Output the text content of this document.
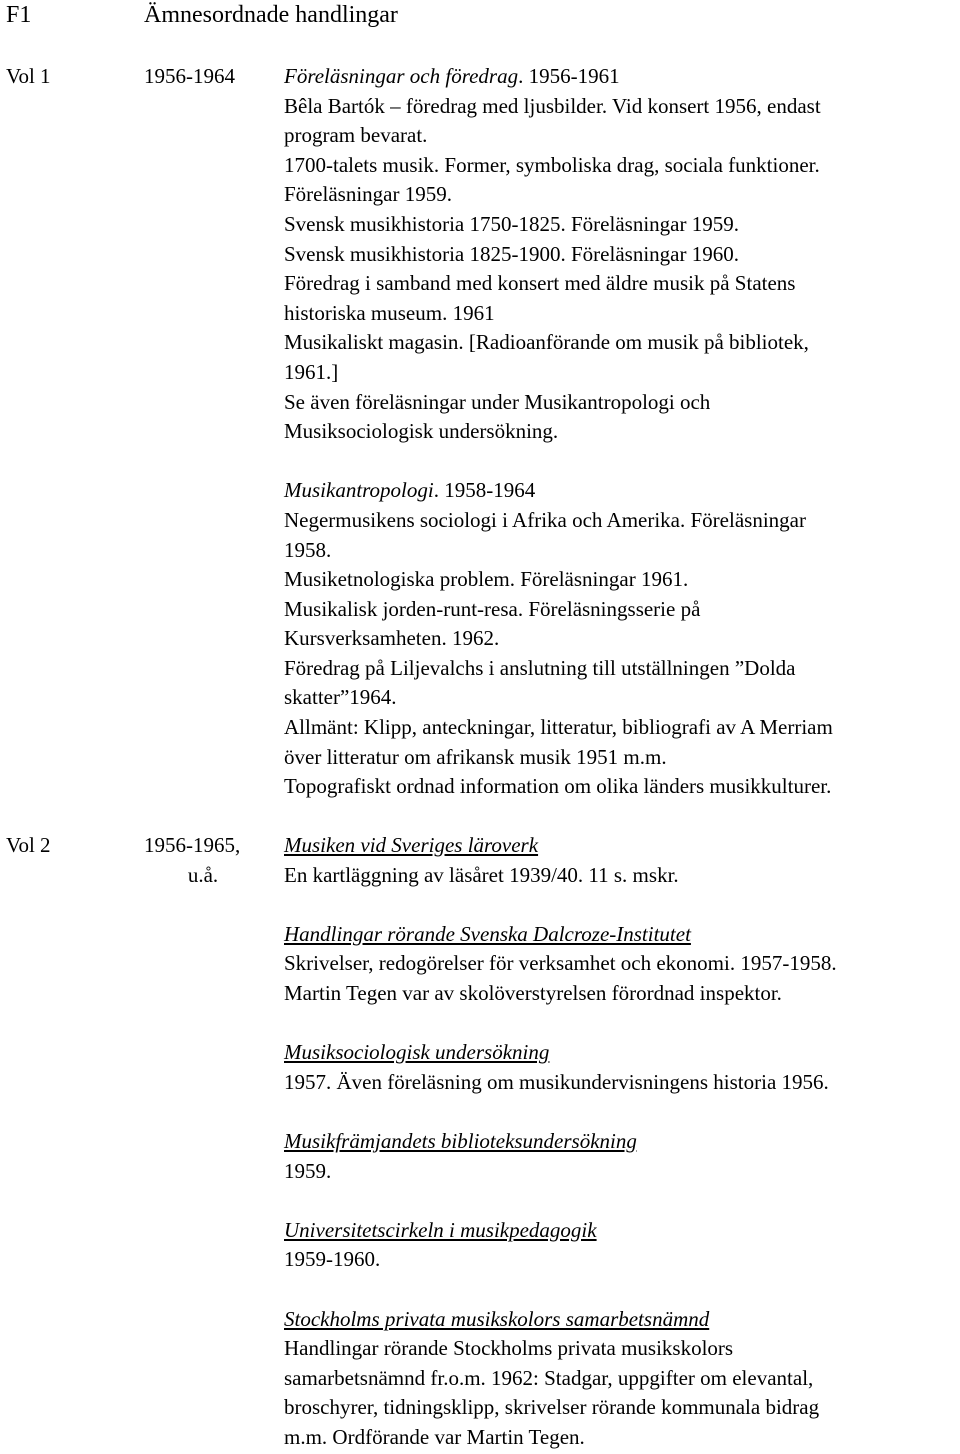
F1	Ämnesordnade handlingar
Vol 1	1956-1964	Föreläsningar och föredrag. 1956-1961
Bêla Bartók – föredrag med ljusbilder. Vid konsert 1956, endast
program bevarat.
1700-talets musik. Former, symboliska drag, sociala funktioner.
Föreläsningar 1959.
Svensk musikhistoria 1750-1825. Föreläsningar 1959.
Svensk musikhistoria 1825-1900. Föreläsningar 1960.
Föredrag i samband med konsert med äldre musik på Statens
historiska museum. 1961
Musikaliskt magasin. [Radioanförande om musik på bibliotek,
1961.]
Se även föreläsningar under Musikantropologi och
Musiksociologisk undersökning.
Musikantropologi. 1958-1964
Negermusikens sociologi i Afrika och Amerika. Föreläsningar
1958.
Musiketnologiska problem. Föreläsningar 1961.
Musikalisk jorden-runt-resa. Föreläsningsserie på
Kursverksamheten. 1962.
Föredrag på Liljevalchs i anslutning till utställningen ”Dolda
skatter”1964.
Allmänt: Klipp, anteckningar, litteratur, bibliografi av A Merriam
över litteratur om afrikansk musik 1951 m.m.
Topografiskt ordnad information om olika länders musikkulturer.
Vol 2	1956-1965,
u.å.
Musiken vid Sveriges läroverk
En kartläggning av läsåret 1939/40. 11 s. mskr.
Handlingar rörande Svenska Dalcroze-Institutet
Skrivelser, redogörelser för verksamhet och ekonomi. 1957-1958.
Martin Tegen var av skolöverstyrelsen förordnad inspektor.
Musiksociologisk undersökning
1957. Även föreläsning om musikundervisningens historia 1956.
Musikfrämjandets biblioteksundersökning
1959.
Universitetscirkeln i musikpedagogik
1959-1960.
Stockholms privata musikskolors samarbetsnämnd
Handlingar rörande Stockholms privata musikskolors
samarbetsnämnd fr.o.m. 1962: Stadgar, uppgifter om elevantal,
broschyrer, tidningsklipp, skrivelser rörande kommunala bidrag
m.m. Ordförande var Martin Tegen.
